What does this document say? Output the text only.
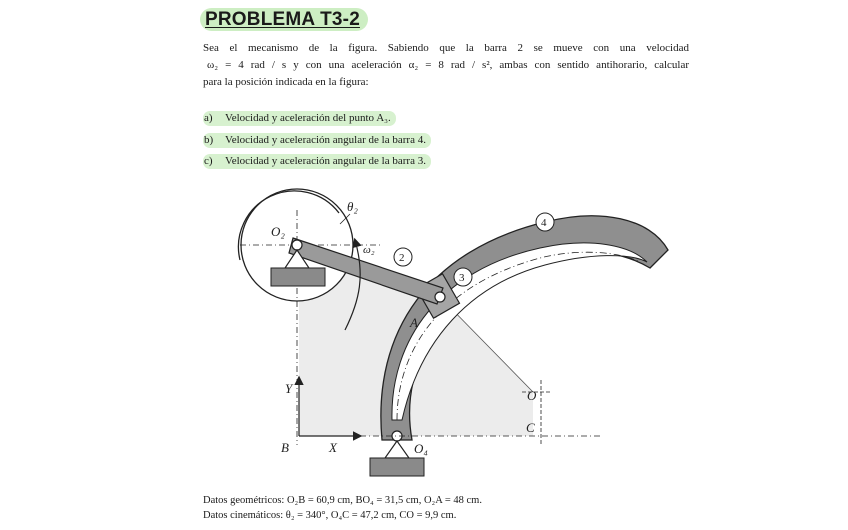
PROBLEMA T3-2
Sea el mecanismo de la figura. Sabiendo que la barra 2 se mueve con una velocidad
ω₂ = 4 rad / s y con una aceleración α₂ = 8 rad / s², ambas con sentido antihorario, calcular
para la posición indicada en la figura:
a) Velocidad y aceleración del punto A₃.
b) Velocidad y aceleración angular de la barra 4.
c) Velocidad y aceleración angular de la barra 3.
θ₂
O₂
ω₂
2
3
4
A
Y
X
B	O₄
O
C
Datos geométricos: O₂B = 60,9 cm, BO₄ = 31,5 cm, O₂A = 48 cm.
Datos cinemáticos: θ₂ = 340°, O₄C = 47,2 cm, CO = 9,9 cm.
